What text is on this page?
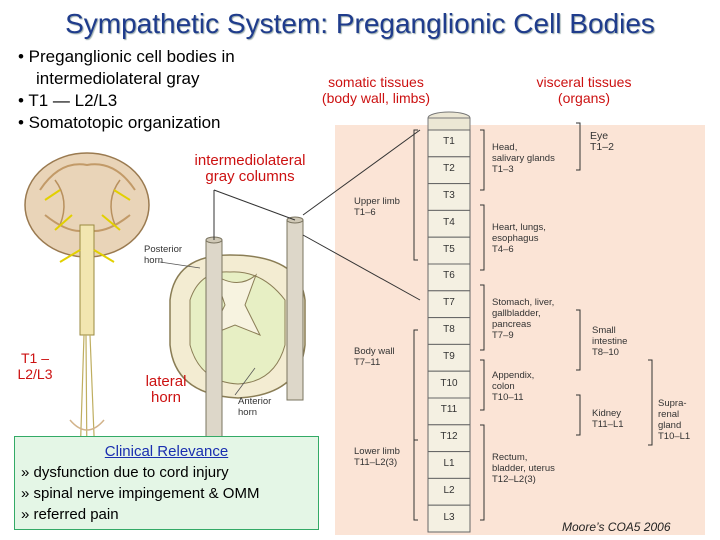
Sympathetic System: Preganglionic Cell Bodies
• Preganglionic cell bodies in
intermediolateral gray
• T1 — L2/L3
• Somatotopic organization
somatic tissues
(body wall, limbs)
visceral tissues
(organs)
intermediolateral
gray columns
T1 –
L2/L3	lateral
horn
Posterior
horn
Anterior
horn
Upper limb
T1–6
Body wall
T7–11
Lower limb
T11–L2(3)
Head,
salivary glands
T1–3
Heart, lungs,
esophagus
T4–6
Stomach, liver,
gallbladder,
pancreas
T7–9
Appendix,
colon
T10–11
Rectum,
bladder, uterus
T12–L2(3)
Eye
T1–2
Small
intestine
T8–10
Kidney
T11–L1
Supra-
renal
gland
T10–L1
T1
T2
T3
T4
T5
T6
T7
T8
T9
T10
T11
T12
L1
L2
L3
Clinical Relevance
» dysfunction due to cord injury
» spinal nerve impingement & OMM
» referred pain
Moore’s COA5 2006
